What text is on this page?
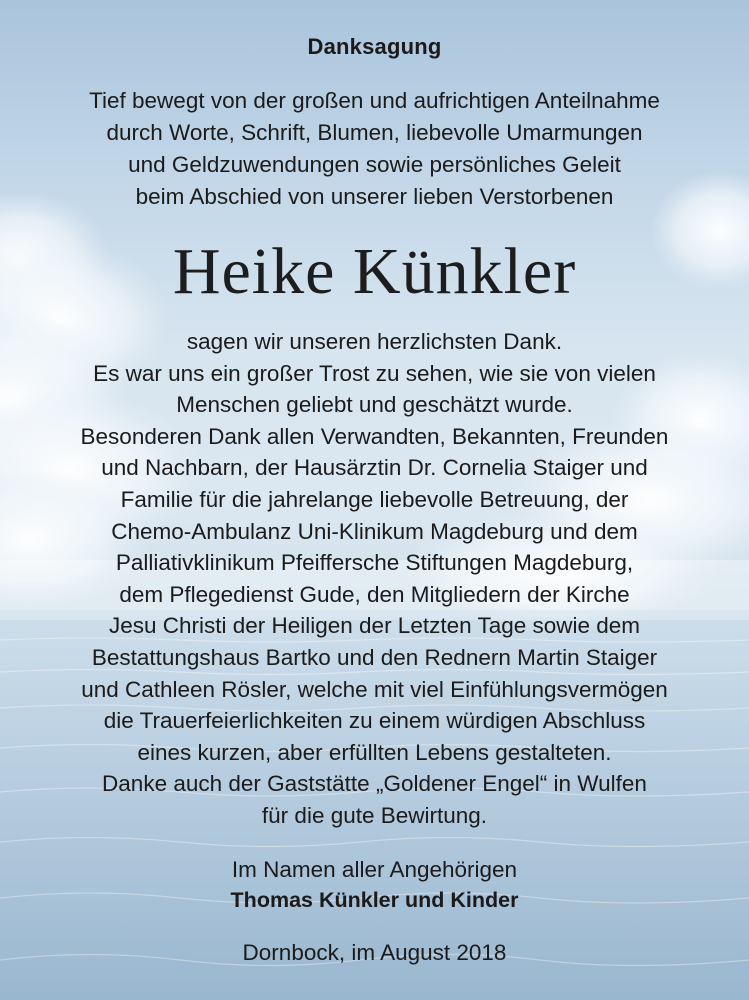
Danksagung
Tief bewegt von der großen und aufrichtigen Anteilnahme
durch Worte, Schrift, Blumen, liebevolle Umarmungen
und Geldzuwendungen sowie persönliches Geleit
beim Abschied von unserer lieben Verstorbenen
Heike Künkler
sagen wir unseren herzlichsten Dank.
Es war uns ein großer Trost zu sehen, wie sie von vielen
Menschen geliebt und geschätzt wurde.
Besonderen Dank allen Verwandten, Bekannten, Freunden
und Nachbarn, der Hausärztin Dr. Cornelia Staiger und
Familie für die jahrelange liebevolle Betreuung, der
Chemo-Ambulanz Uni-Klinikum Magdeburg und dem
Palliativklinikum Pfeiffersche Stiftungen Magdeburg,
dem Pflegedienst Gude, den Mitgliedern der Kirche
Jesu Christi der Heiligen der Letzten Tage sowie dem
Bestattungshaus Bartko und den Rednern Martin Staiger
und Cathleen Rösler, welche mit viel Einfühlungsvermögen
die Trauerfeierlichkeiten zu einem würdigen Abschluss
eines kurzen, aber erfüllten Lebens gestalteten.
Danke auch der Gaststätte „Goldener Engel“ in Wulfen
für die gute Bewirtung.
Im Namen aller Angehörigen
Thomas Künkler und Kinder
Dornbock, im August 2018
